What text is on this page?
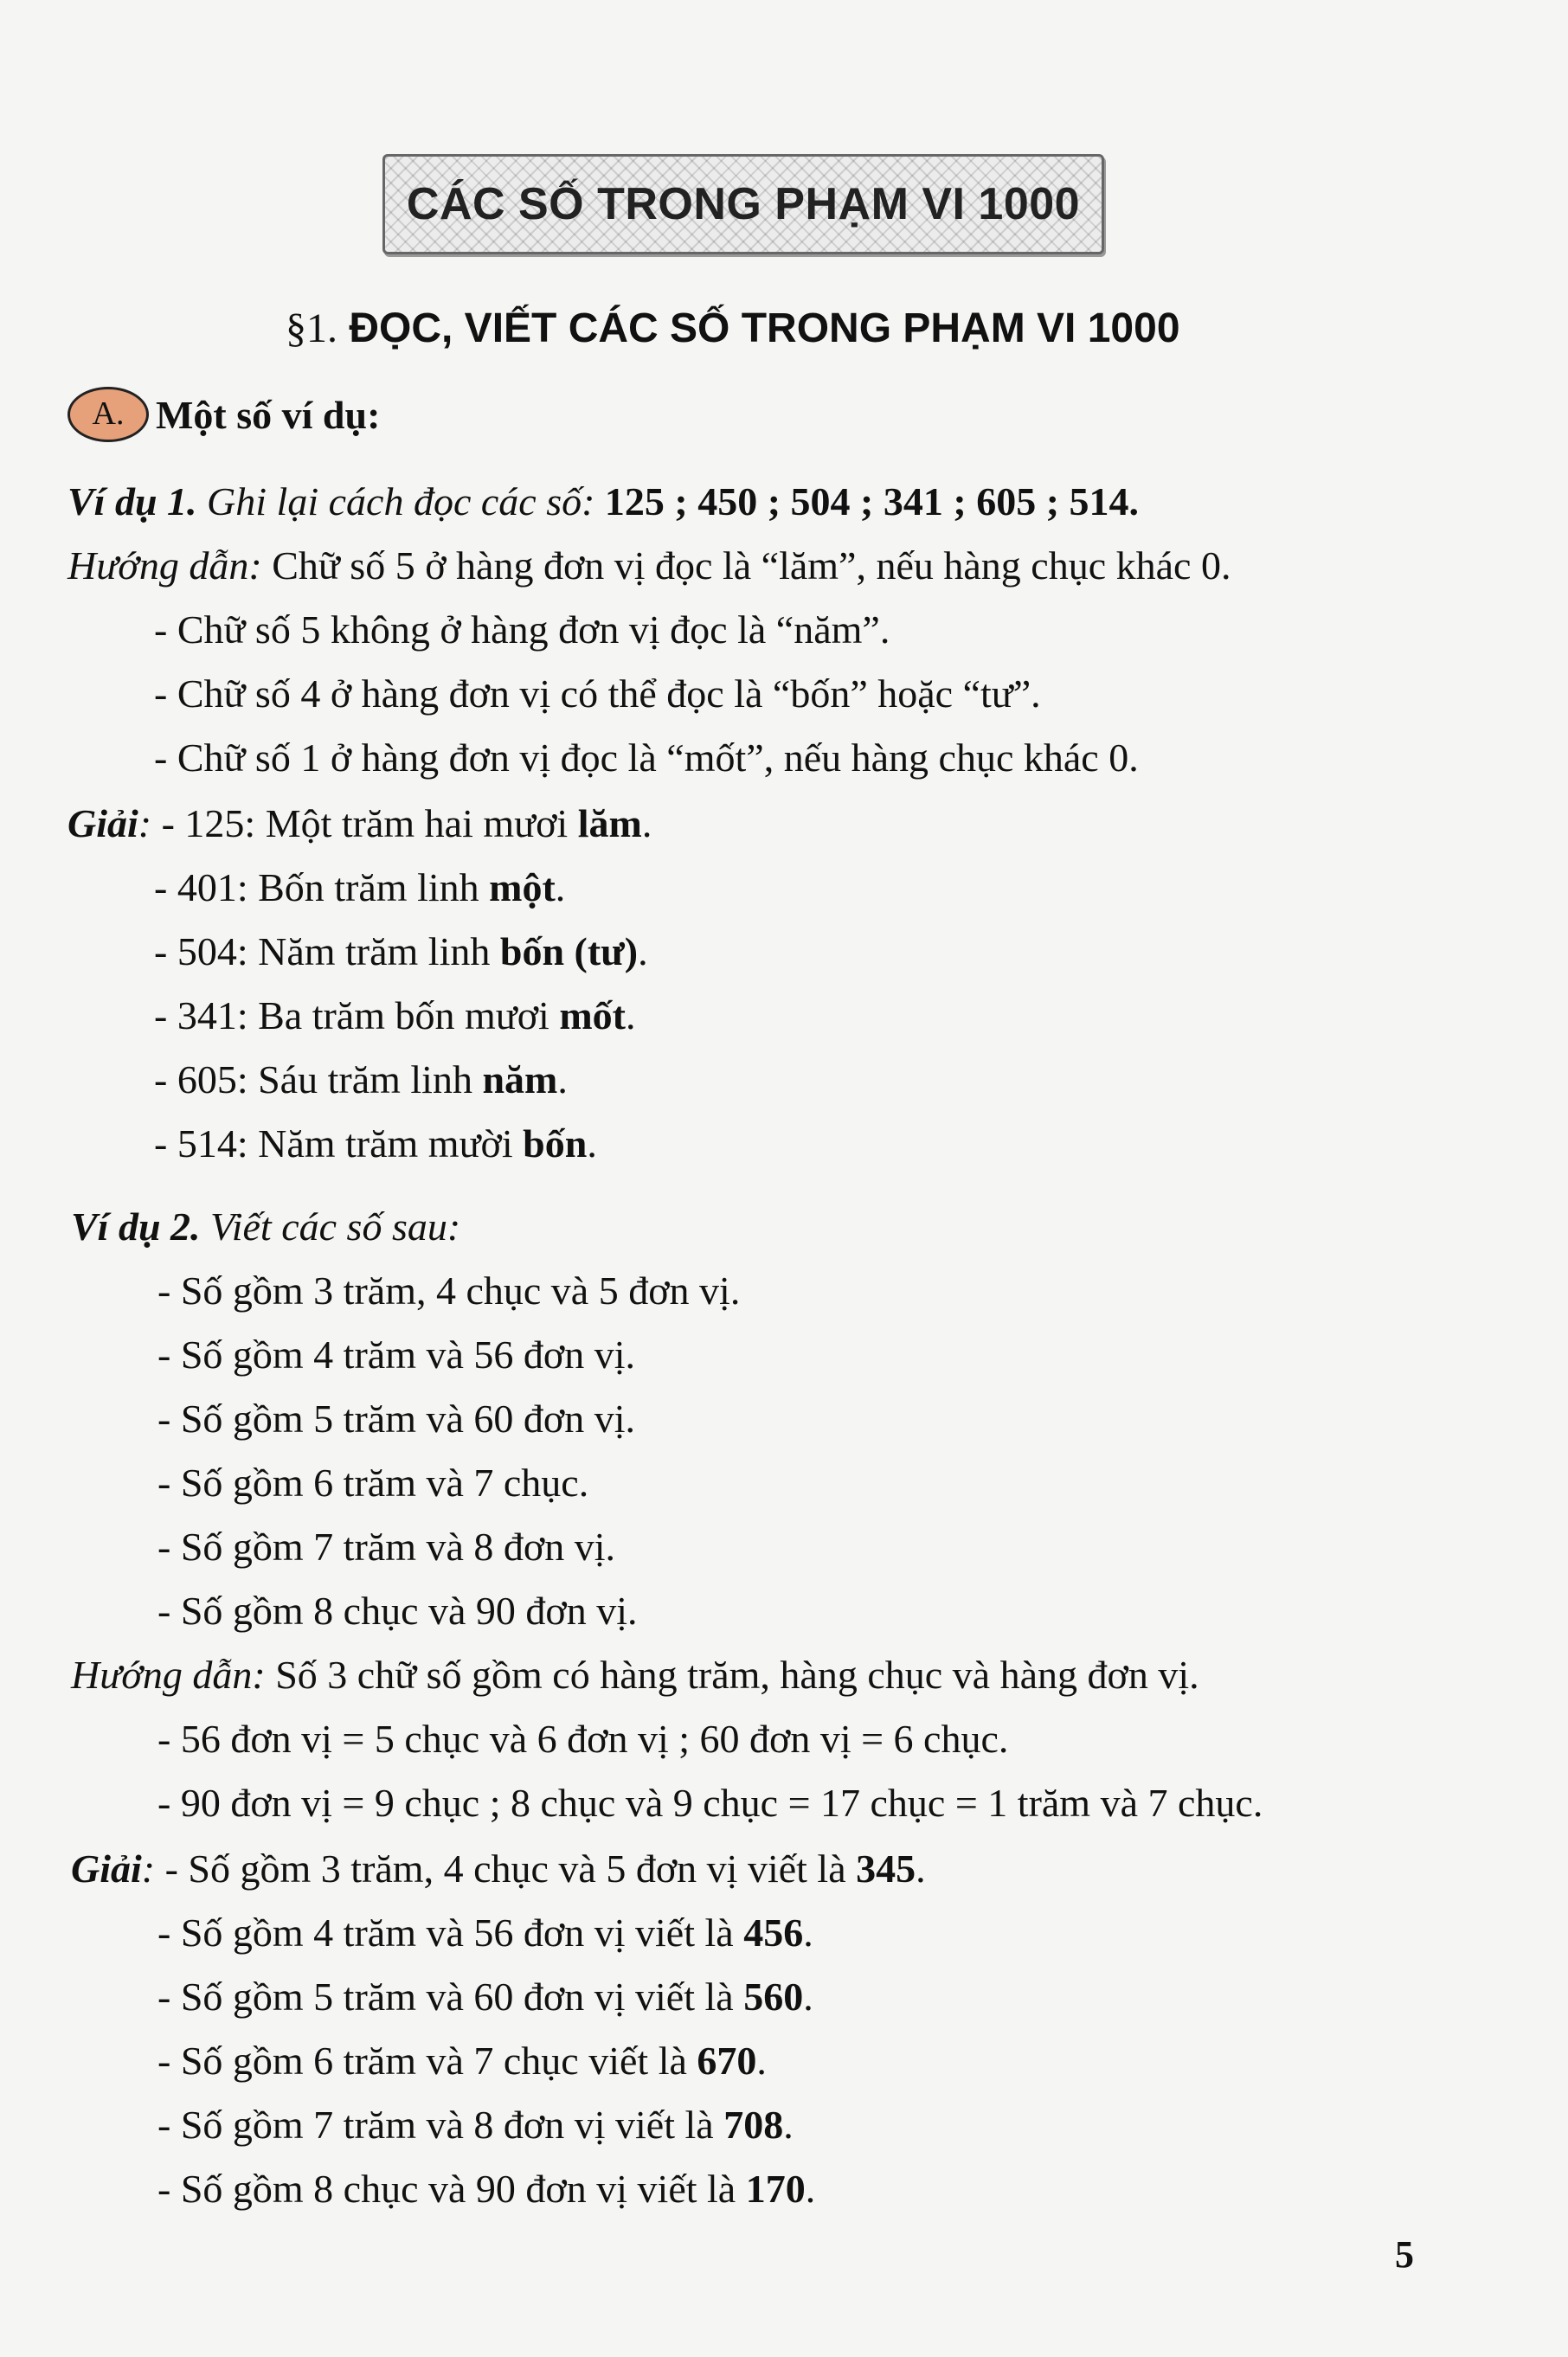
CÁC SỐ TRONG PHẠM VI 1000
§1. ĐỌC, VIẾT CÁC SỐ TRONG PHẠM VI 1000
A. Một số ví dụ:
Ví dụ 1. Ghi lại cách đọc các số: 125 ; 450 ; 504 ; 341 ; 605 ; 514.
Hướng dẫn: Chữ số 5 ở hàng đơn vị đọc là “lăm”, nếu hàng chục khác 0.
- Chữ số 5 không ở hàng đơn vị đọc là “năm”.
- Chữ số 4 ở hàng đơn vị có thể đọc là “bốn” hoặc “tư”.
- Chữ số 1 ở hàng đơn vị đọc là “mốt”, nếu hàng chục khác 0.
Giải: - 125: Một trăm hai mươi lăm.
- 401: Bốn trăm linh một.
- 504: Năm trăm linh bốn (tư).
- 341: Ba trăm bốn mươi mốt.
- 605: Sáu trăm linh năm.
- 514: Năm trăm mười bốn.
Ví dụ 2. Viết các số sau:
- Số gồm 3 trăm, 4 chục và 5 đơn vị.
- Số gồm 4 trăm và 56 đơn vị.
- Số gồm 5 trăm và 60 đơn vị.
- Số gồm 6 trăm và 7 chục.
- Số gồm 7 trăm và 8 đơn vị.
- Số gồm 8 chục và 90 đơn vị.
Hướng dẫn: Số 3 chữ số gồm có hàng trăm, hàng chục và hàng đơn vị.
- 56 đơn vị = 5 chục và 6 đơn vị ; 60 đơn vị = 6 chục.
- 90 đơn vị = 9 chục ; 8 chục và 9 chục = 17 chục = 1 trăm và 7 chục.
Giải: - Số gồm 3 trăm, 4 chục và 5 đơn vị viết là 345.
- Số gồm 4 trăm và 56 đơn vị viết là 456.
- Số gồm 5 trăm và 60 đơn vị viết là 560.
- Số gồm 6 trăm và 7 chục viết là 670.
- Số gồm 7 trăm và 8 đơn vị viết là 708.
- Số gồm 8 chục và 90 đơn vị viết là 170.
5
